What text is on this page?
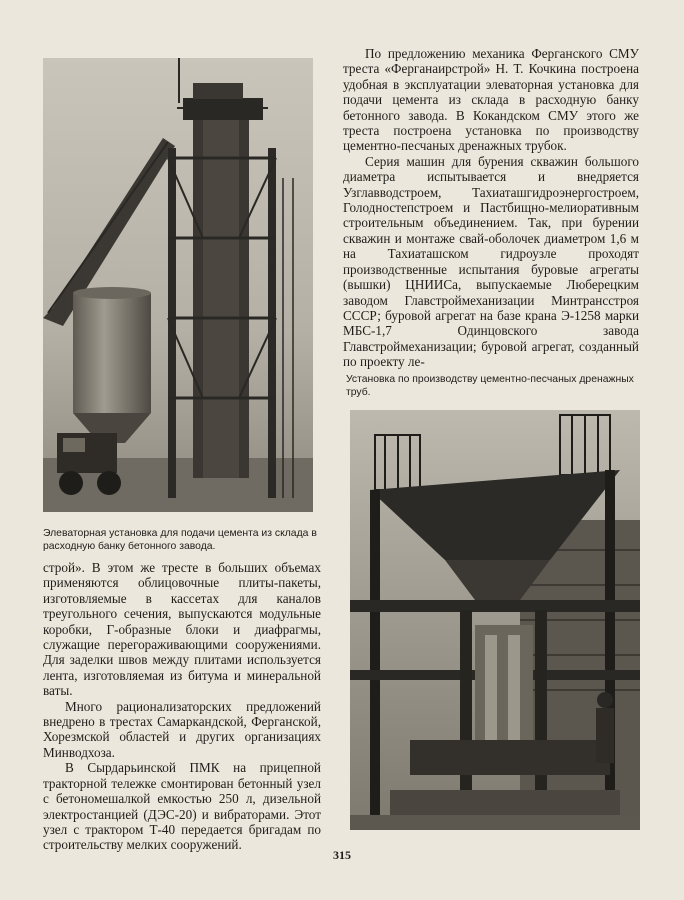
По предложению механика Ферганского СМУ треста «Ферганаирстрой» Н. Т. Кочкина построена удобная в эксплуатации элеваторная установка для подачи цемента из склада в расходную банку бетонного завода. В Кокандском СМУ этого же треста построена установка по производству цементно-песчаных дренажных трубок.

Серия машин для бурения скважин большого диаметра испытывается и внедряется Узглавводстроем, Тахиаташгидроэнергостроем, Голодностепстроем и Пастбищно-мелиоративным строительным объединением. Так, при бурении скважин и монтаже свай-оболочек диаметром 1,6 м на Тахиаташском гидроузле проходят производственные испытания буровые агрегаты (вышки) ЦНИИСа, выпускаемые Люберецким заводом Главстроймеханизации Минтрансстроя СССР; буровой агрегат на базе крана Э-1258 марки МБС-1,7 Одинцовского завода Главстроймеханизации; буровой агрегат, созданный по проекту ле-

Установка по производству цементно-песчаных дренажных труб.
Элеваторная установка для подачи цемента из склада в расходную банку бетонного завода.

строй». В этом же тресте в больших объемах применяются облицовочные плиты-пакеты, изготовляемые в кассетах для каналов треугольного сечения, выпускаются модульные коробки, Г-образные блоки и диафрагмы, служащие перегораживающими сооружениями. Для заделки швов между плитами используется лента, изготовляемая из битума и минеральной ваты.

Много рационализаторских предложений внедрено в трестах Самаркандской, Ферганской, Хорезмской областей и других организациях Минводхоза.

В Сырдарьинской ПМК на прицепной тракторной тележке смонтирован бетонный узел с бетономешалкой емкостью 250 л, дизельной электростанцией (ДЭС-20) и вибраторами. Этот узел с трактором Т-40 передается бригадам по строительству мелких сооружений.

315
